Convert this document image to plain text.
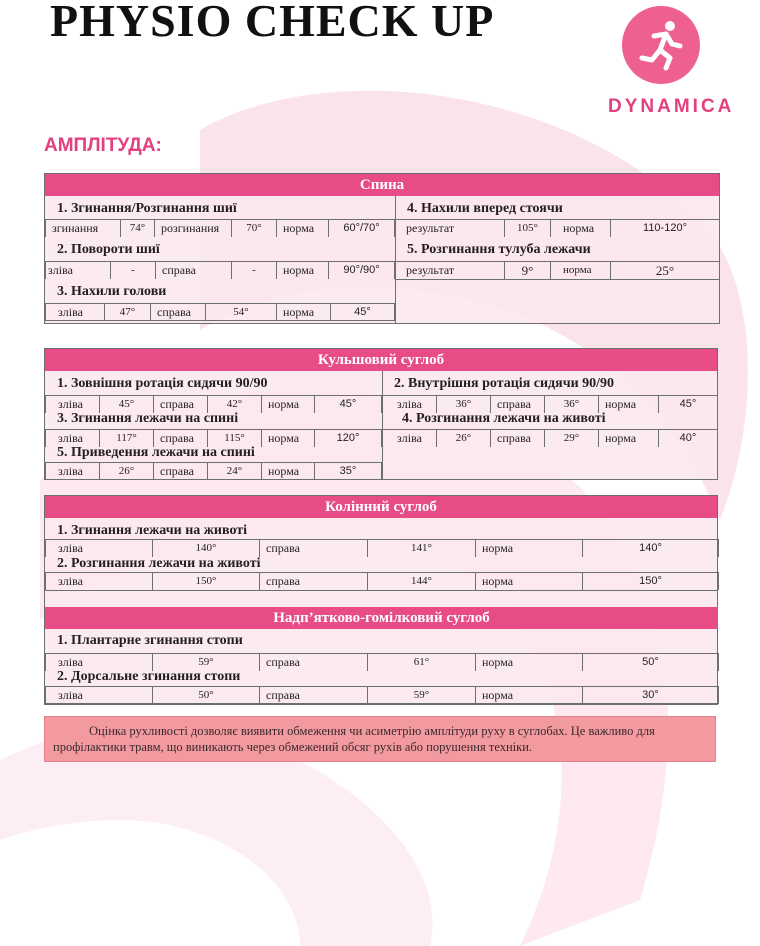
PHYSIO CHECK UP
DYNAMICA
АМПЛІТУДА:
Спина
1. Згинання/Розгинання шиї
згинання	74°	розгинання	70°	норма	60°/70°
2. Повороти шиї
зліва	-	справа	-	норма	90°/90°
3. Нахили голови
зліва	47°	справа	54°	норма	45°
4. Нахили вперед стоячи
результат	105°	норма	110-120°
5. Розгинання тулуба лежачи
результат	9°	норма	25°
Кульшовий суглоб
1. Зовнішня ротація сидячи 90/90
зліва	45°	справа	42°	норма	45°
3. Згинання лежачи на спині
зліва	117°	справа	115°	норма	120°
5. Приведення лежачи на спині
зліва	26°	справа	24°	норма	35°
2. Внутрішня ротація сидячи 90/90
зліва	36°	справа	36°	норма	45°
4. Розгинання лежачи на животі
зліва	26°	справа	29°	норма	40°
Колінний суглоб
1. Згинання лежачи на животі
зліва	140°	справа	141°	норма	140°
2. Розгинання лежачи на животі
зліва	150°	справа	144°	норма	150°
Надп’ятково-гомілковий суглоб
1. Плантарне згинання стопи
зліва	59°	справа	61°	норма	50°
2. Дорсальне згинання стопи
зліва	50°	справа	59°	норма	30°
Оцінка рухливості дозволяє виявити обмеження чи асиметрію амплітуди руху в суглобах. Це важливо для профілактики травм, що виникають через обмежений обсяг рухів або порушення техніки.
